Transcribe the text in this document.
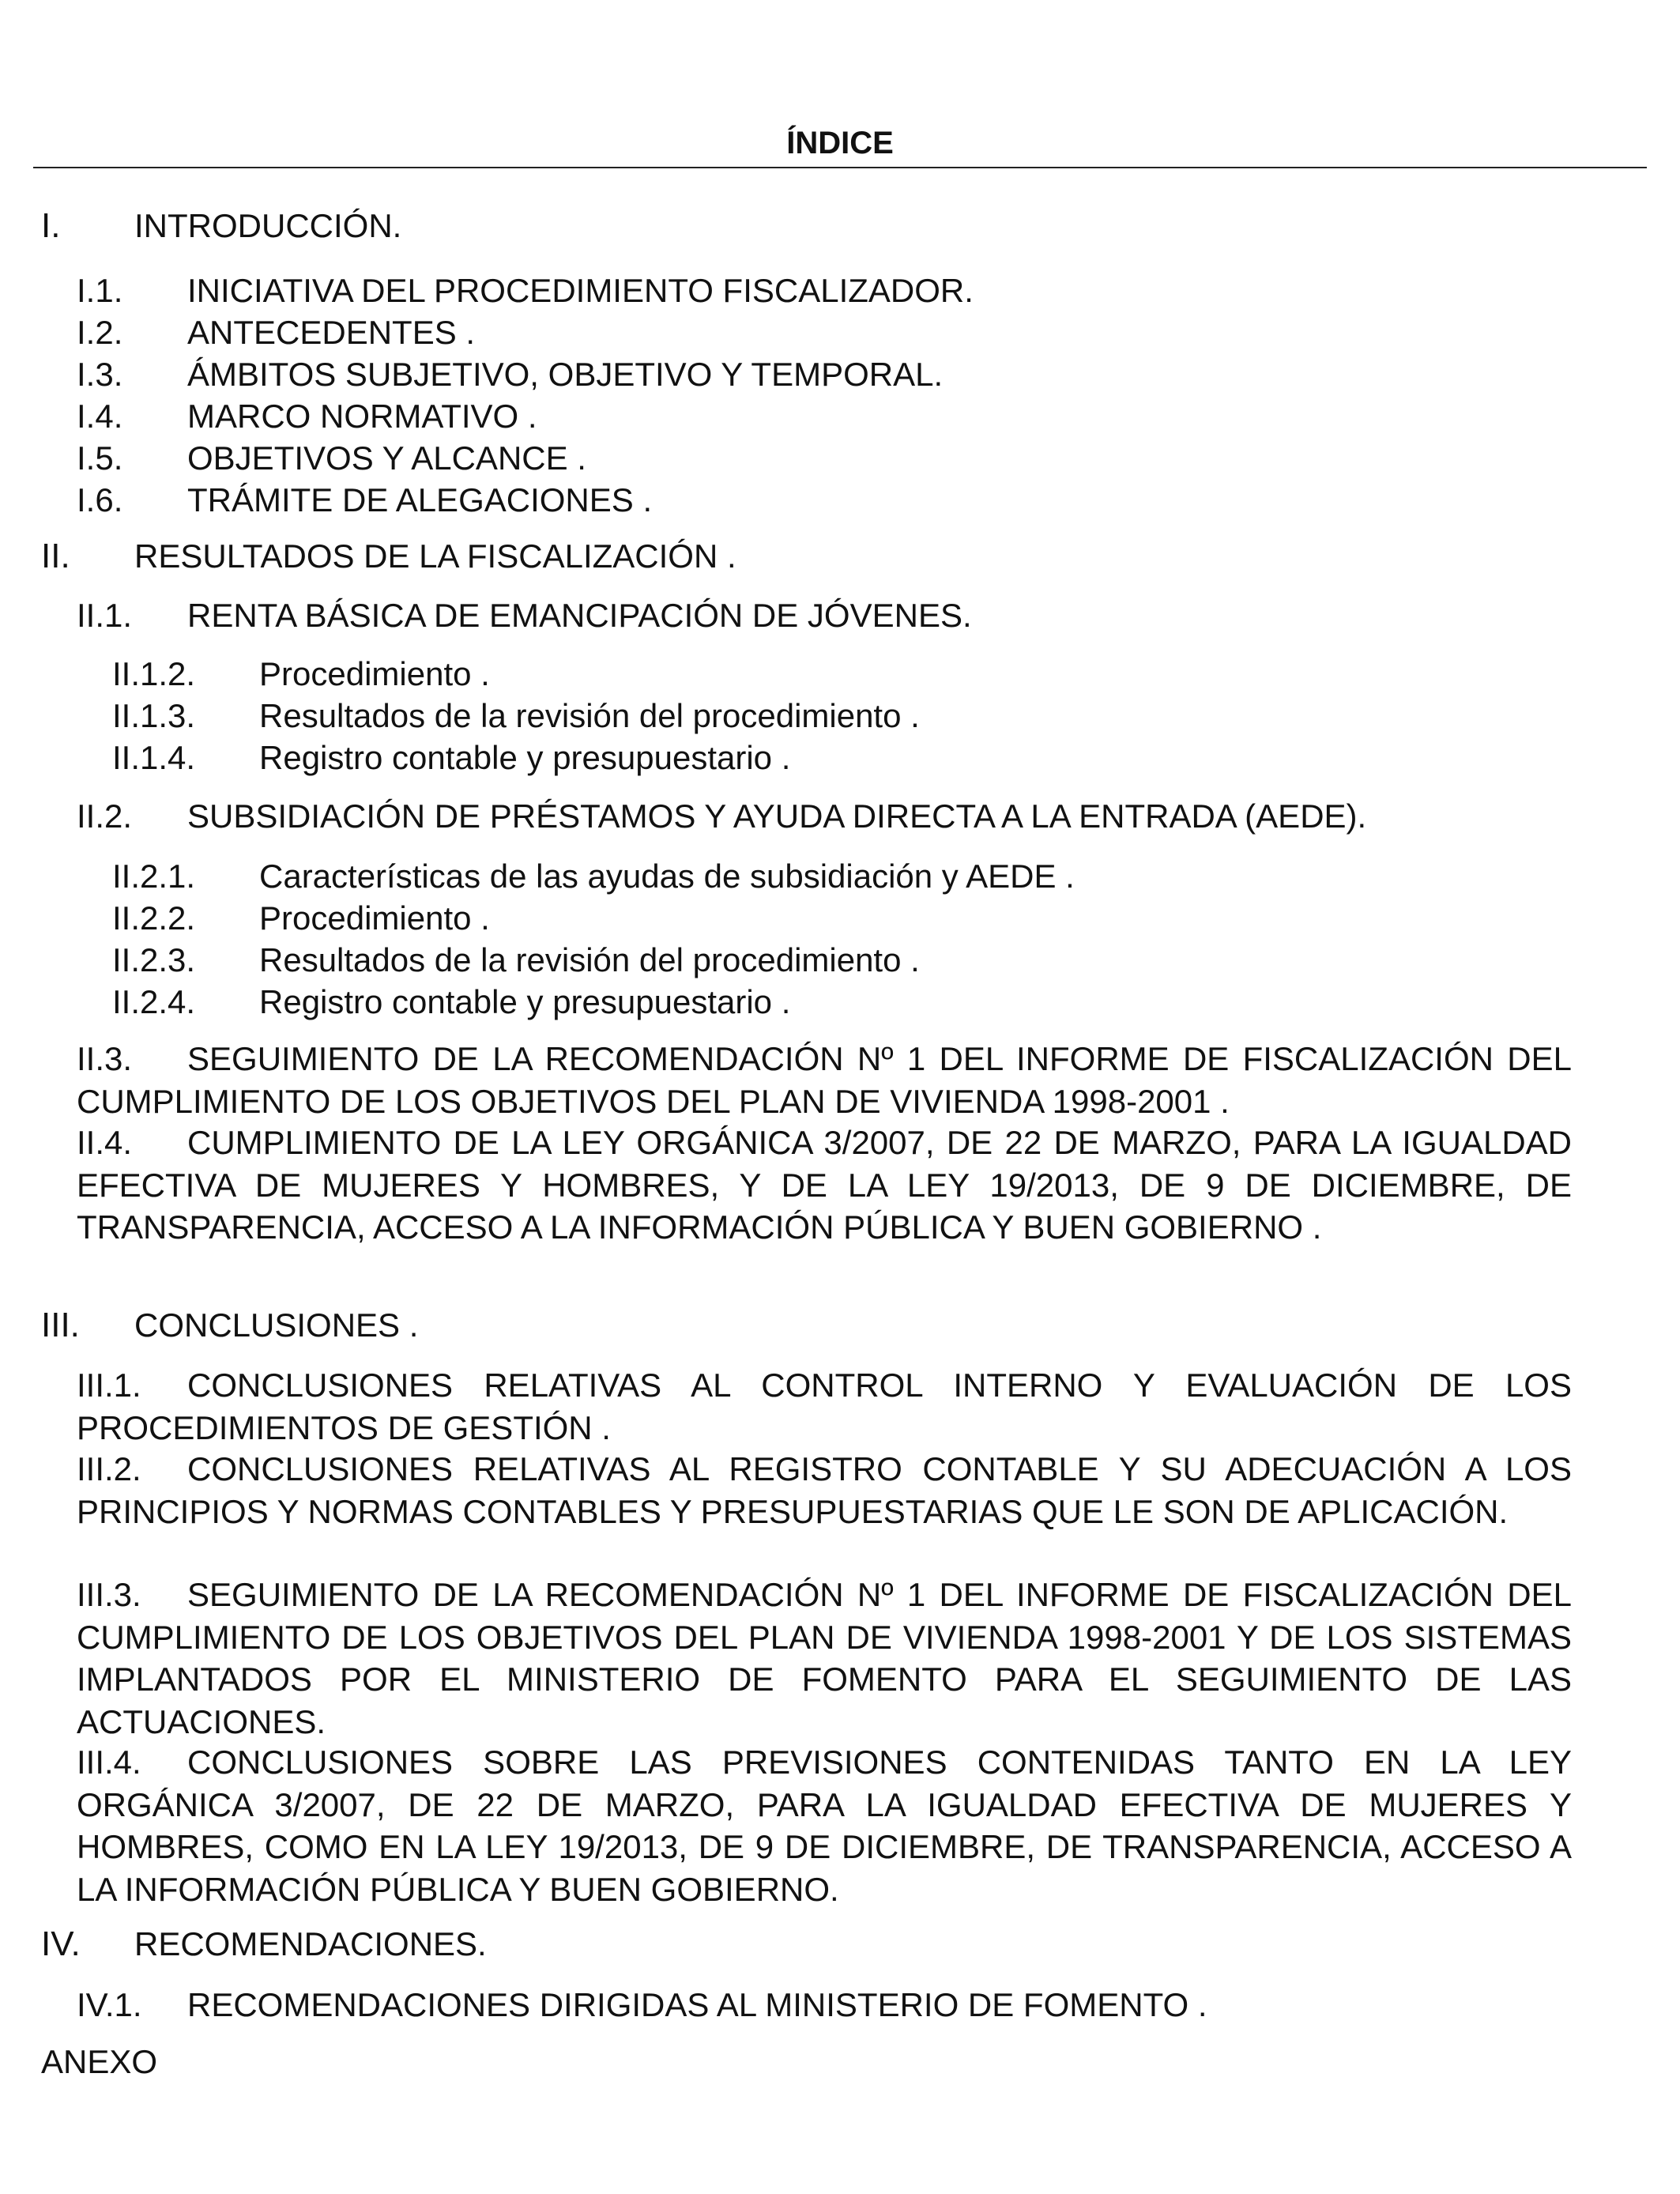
ÍNDICE
I. INTRODUCCIÓN.
I.1. INICIATIVA DEL PROCEDIMIENTO FISCALIZADOR.
I.2. ANTECEDENTES .
I.3. ÁMBITOS SUBJETIVO, OBJETIVO Y TEMPORAL.
I.4. MARCO NORMATIVO .
I.5. OBJETIVOS Y ALCANCE .
I.6. TRÁMITE DE ALEGACIONES .
II. RESULTADOS DE LA FISCALIZACIÓN .
II.1. RENTA BÁSICA DE EMANCIPACIÓN DE JÓVENES.
II.1.2. Procedimiento .
II.1.3. Resultados de la revisión del procedimiento .
II.1.4. Registro contable y presupuestario .
II.2. SUBSIDIACIÓN DE PRÉSTAMOS Y AYUDA DIRECTA A LA ENTRADA (AEDE).
II.2.1. Características de las ayudas de subsidiación y AEDE .
II.2.2. Procedimiento .
II.2.3. Resultados de la revisión del procedimiento .
II.2.4. Registro contable y presupuestario .
II.3. SEGUIMIENTO DE LA RECOMENDACIÓN Nº 1 DEL INFORME DE FISCALIZACIÓN DEL CUMPLIMIENTO DE LOS OBJETIVOS DEL PLAN DE VIVIENDA 1998-2001 .
II.4. CUMPLIMIENTO DE LA LEY ORGÁNICA 3/2007, DE 22 DE MARZO, PARA LA IGUALDAD EFECTIVA DE MUJERES Y HOMBRES, Y DE LA LEY 19/2013, DE 9 DE DICIEMBRE, DE TRANSPARENCIA, ACCESO A LA INFORMACIÓN PÚBLICA Y BUEN GOBIERNO .
III. CONCLUSIONES .
III.1. CONCLUSIONES RELATIVAS AL CONTROL INTERNO Y EVALUACIÓN DE LOS PROCEDIMIENTOS DE GESTIÓN .
III.2. CONCLUSIONES RELATIVAS AL REGISTRO CONTABLE Y SU ADECUACIÓN A LOS PRINCIPIOS Y NORMAS CONTABLES Y PRESUPUESTARIAS QUE LE SON DE APLICACIÓN.
III.3. SEGUIMIENTO DE LA RECOMENDACIÓN Nº 1 DEL INFORME DE FISCALIZACIÓN DEL CUMPLIMIENTO DE LOS OBJETIVOS DEL PLAN DE VIVIENDA 1998-2001 Y DE LOS SISTEMAS IMPLANTADOS POR EL MINISTERIO DE FOMENTO PARA EL SEGUIMIENTO DE LAS ACTUACIONES.
III.4. CONCLUSIONES SOBRE LAS PREVISIONES CONTENIDAS TANTO EN LA LEY ORGÁNICA 3/2007, DE 22 DE MARZO, PARA LA IGUALDAD EFECTIVA DE MUJERES Y HOMBRES, COMO EN LA LEY 19/2013, DE 9 DE DICIEMBRE, DE TRANSPARENCIA, ACCESO A LA INFORMACIÓN PÚBLICA Y BUEN GOBIERNO.
IV. RECOMENDACIONES.
IV.1. RECOMENDACIONES DIRIGIDAS AL MINISTERIO DE FOMENTO .
ANEXO
